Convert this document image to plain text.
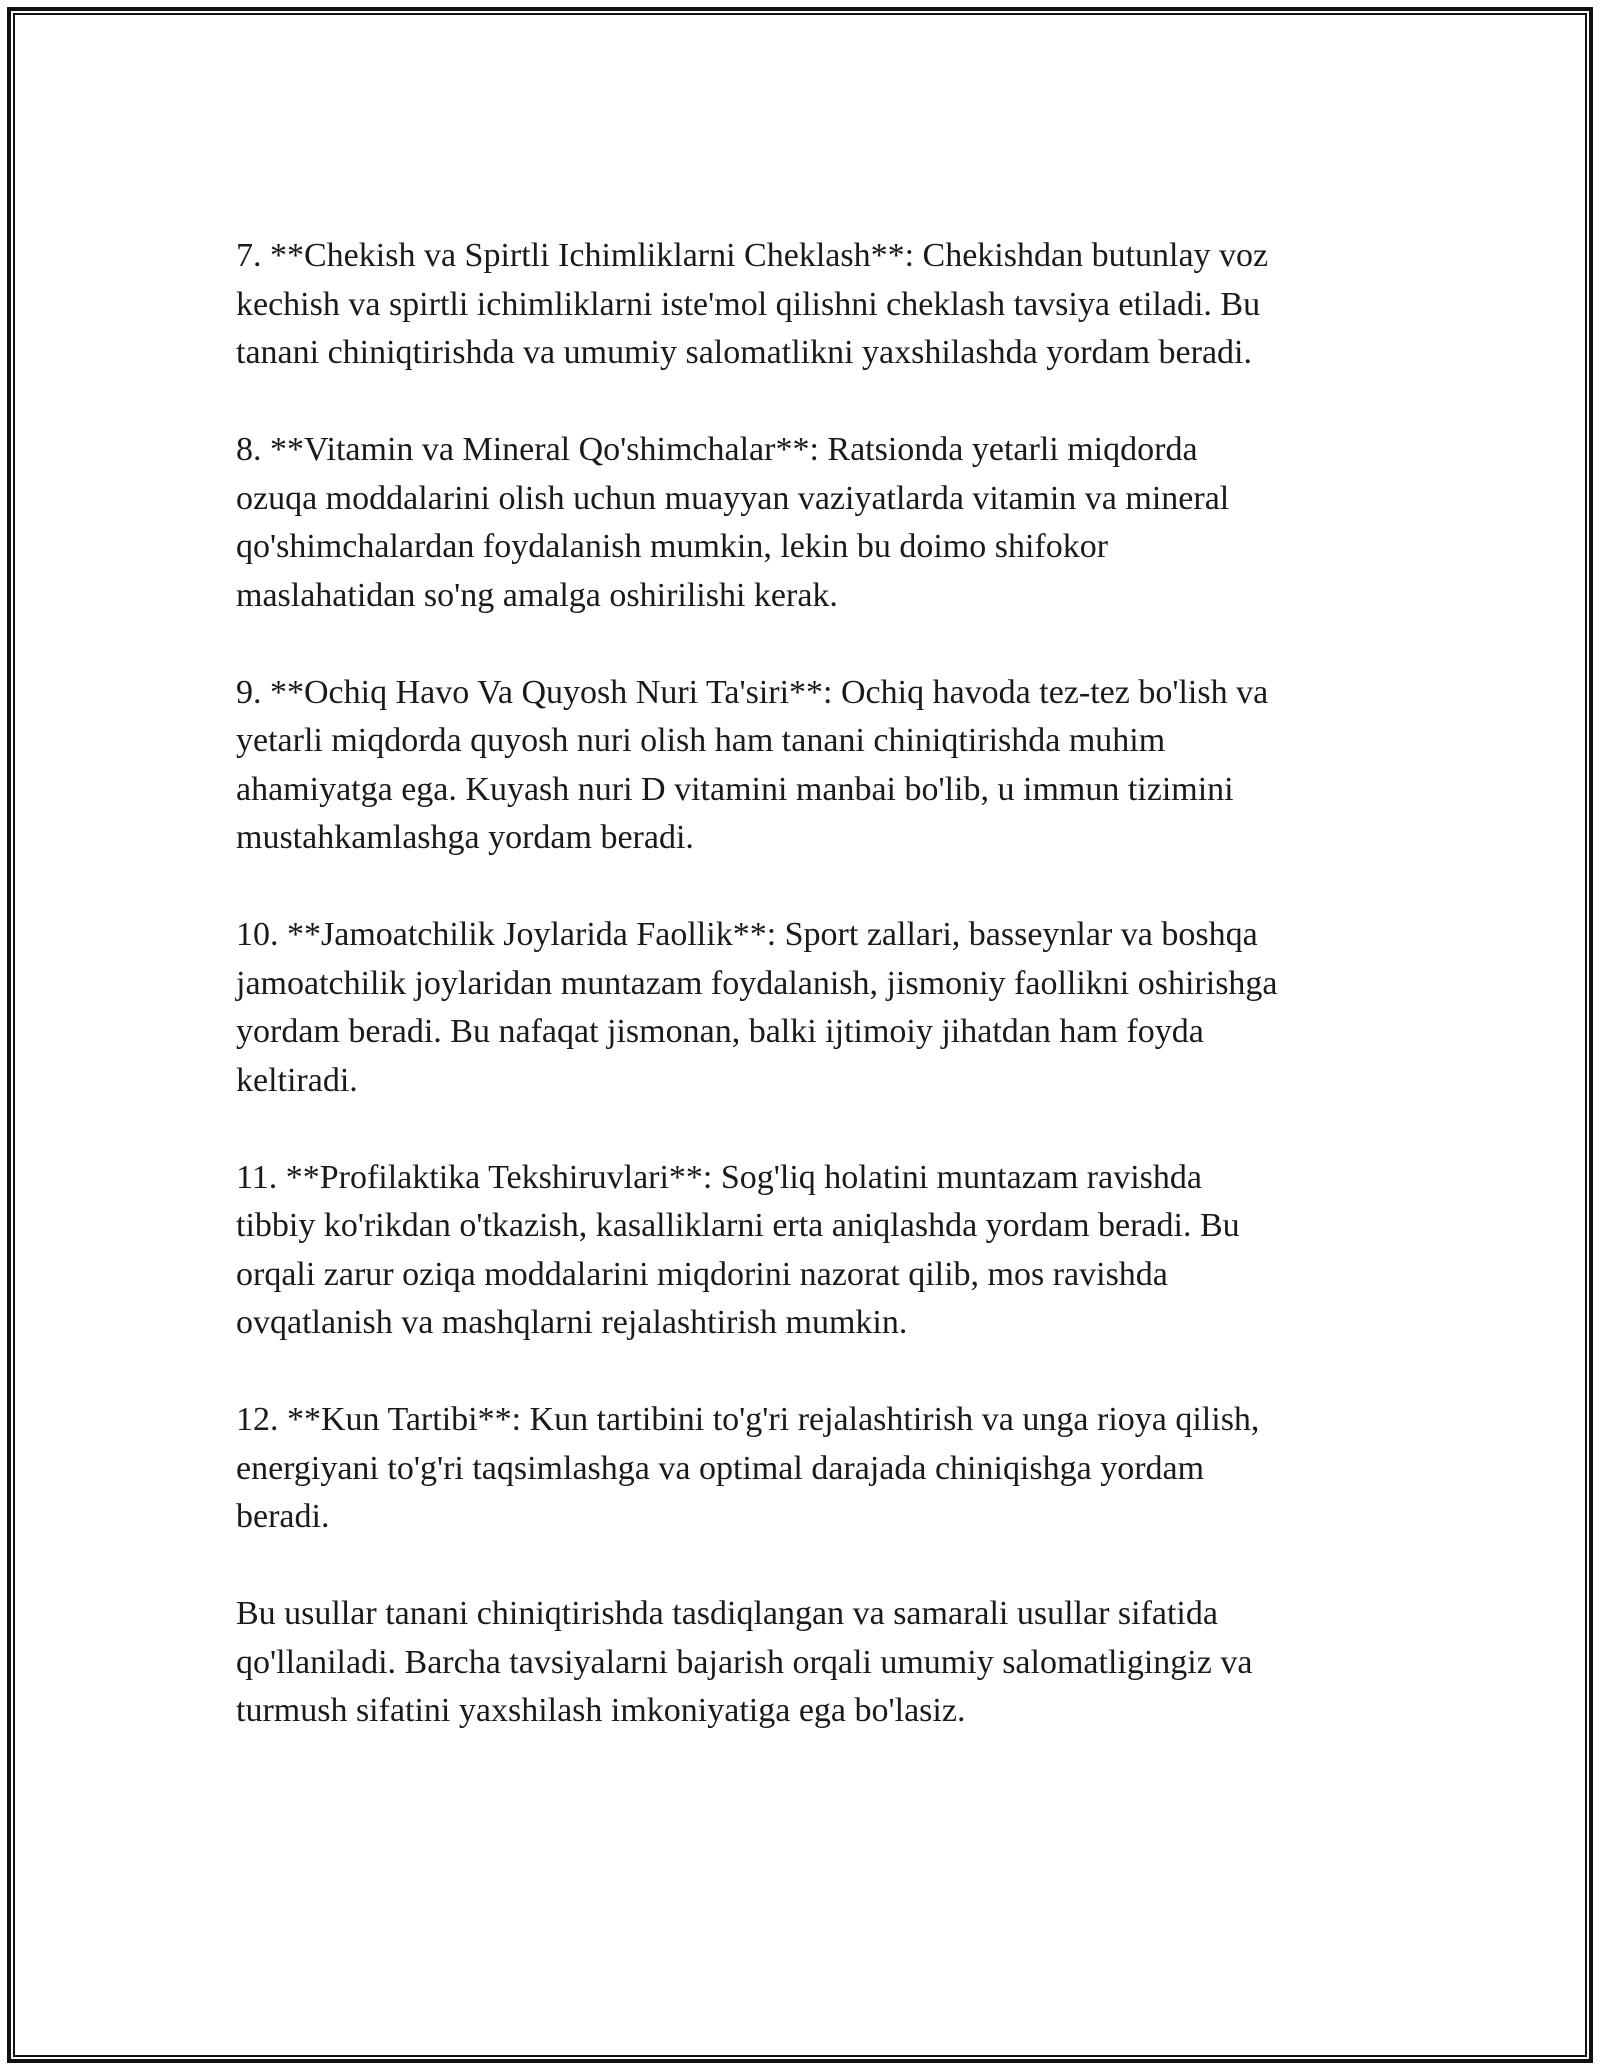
7. **Chekish va Spirtli Ichimliklarni Cheklash**: Chekishdan butunlay voz
kechish va spirtli ichimliklarni iste'mol qilishni cheklash tavsiya etiladi. Bu
tanani chiniqtirishda va umumiy salomatlikni yaxshilashda yordam beradi.

8. **Vitamin va Mineral Qo'shimchalar**: Ratsionda yetarli miqdorda
ozuqa moddalarini olish uchun muayyan vaziyatlarda vitamin va mineral
qo'shimchalardan foydalanish mumkin, lekin bu doimo shifokor
maslahatidan so'ng amalga oshirilishi kerak.

9. **Ochiq Havo Va Quyosh Nuri Ta'siri**: Ochiq havoda tez-tez bo'lish va
yetarli miqdorda quyosh nuri olish ham tanani chiniqtirishda muhim
ahamiyatga ega. Kuyash nuri D vitamini manbai bo'lib, u immun tizimini
mustahkamlashga yordam beradi.

10. **Jamoatchilik Joylarida Faollik**: Sport zallari, basseynlar va boshqa
jamoatchilik joylaridan muntazam foydalanish, jismoniy faollikni oshirishga
yordam beradi. Bu nafaqat jismonan, balki ijtimoiy jihatdan ham foyda
keltiradi.

11. **Profilaktika Tekshiruvlari**: Sog'liq holatini muntazam ravishda
tibbiy ko'rikdan o'tkazish, kasalliklarni erta aniqlashda yordam beradi. Bu
orqali zarur oziqa moddalarini miqdorini nazorat qilib, mos ravishda
ovqatlanish va mashqlarni rejalashtirish mumkin.

12. **Kun Tartibi**: Kun tartibini to'g'ri rejalashtirish va unga rioya qilish,
energiyani to'g'ri taqsimlashga va optimal darajada chiniqishga yordam
beradi.

Bu usullar tanani chiniqtirishda tasdiqlangan va samarali usullar sifatida
qo'llaniladi. Barcha tavsiyalarni bajarish orqali umumiy salomatligingiz va
turmush sifatini yaxshilash imkoniyatiga ega bo'lasiz.
